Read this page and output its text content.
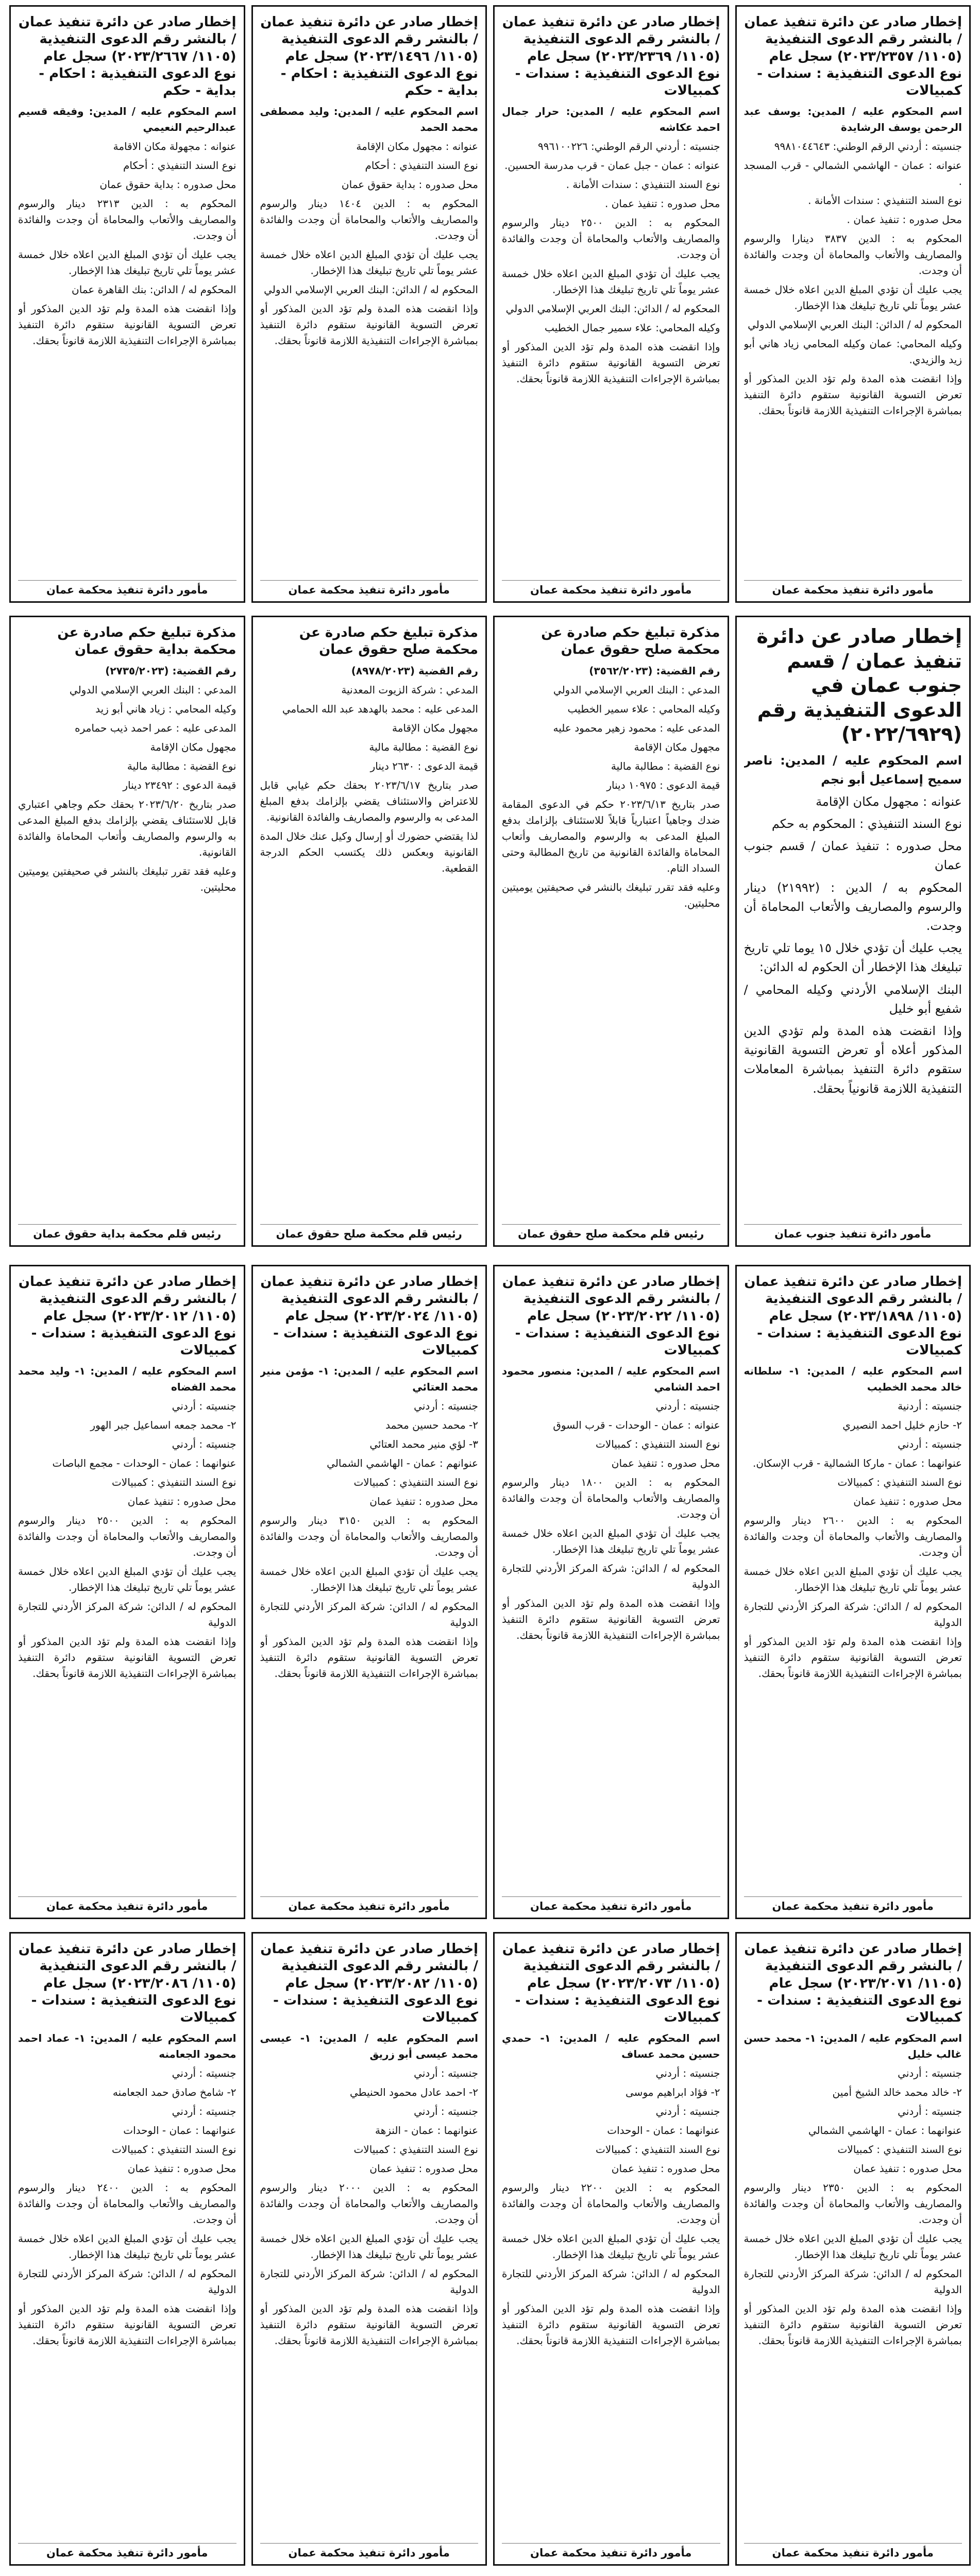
إخطار صادر عن دائرة تنفيذ عمان / بالنشر رقم الدعوى التنفيذية (١١٠٥/ ٢٠٢٣/٢٣٥٧) سجل عام نوع الدعوى التنفيذية : سندات - كمبيالات

اسم المحكوم عليه / المدين: يوسف عبد الرحمن يوسف الرشايدة

جنسيته : أردني الرقم الوطني: ٩٩٨١٠٤٤٦٤٣

عنوانه : عمان - الهاشمي الشمالي - قرب المسجد .

نوع السند التنفيذي : سندات الأمانة .

محل صدوره : تنفيذ عمان .

المحكوم به : الدين ٣٨٣٧ دينارا والرسوم والمصاريف والأتعاب والمحاماة أن وجدت والفائدة أن وجدت.

يجب عليك أن تؤدي المبلغ الدين اعلاه خلال خمسة عشر يوماً تلي تاريخ تبليغك هذا الإخطار.

المحكوم له / الدائن: البنك العربي الإسلامي الدولي

وكيله المحامي: عمان وكيله المحامي زياد هاني أبو زيد والزيدي.

وإذا انقضت هذه المدة ولم تؤد الدين المذكور أو تعرض التسوية القانونية ستقوم دائرة التنفيذ بمباشرة الإجراءات التنفيذية اللازمة قانوناً بحقك.

مأمور دائرة تنفيذ محكمة عمان
إخطار صادر عن دائرة تنفيذ عمان / بالنشر رقم الدعوى التنفيذية (١١٠٥/ ٢٠٢٣/٢٣٦٩) سجل عام نوع الدعوى التنفيذية : سندات - كمبيالات

اسم المحكوم عليه / المدين: حرار جمال احمد عكاشه

جنسيته : أردني الرقم الوطني: ٩٩٦١٠٠٢٢٦

عنوانه : عمان - جبل عمان - قرب مدرسة الحسين.

نوع السند التنفيذي : سندات الأمانة .

محل صدوره : تنفيذ عمان .

المحكوم به : الدين ٢٥٠٠ دينار والرسوم والمصاريف والأتعاب والمحاماة أن وجدت والفائدة أن وجدت.

يجب عليك أن تؤدي المبلغ الدين اعلاه خلال خمسة عشر يوماً تلي تاريخ تبليغك هذا الإخطار.

المحكوم له / الدائن: البنك العربي الإسلامي الدولي

وكيله المحامي: علاء سمير جمال الخطيب

وإذا انقضت هذه المدة ولم تؤد الدين المذكور أو تعرض التسوية القانونية ستقوم دائرة التنفيذ بمباشرة الإجراءات التنفيذية اللازمة قانوناً بحقك.

مأمور دائرة تنفيذ محكمة عمان
إخطار صادر عن دائرة تنفيذ عمان / بالنشر رقم الدعوى التنفيذية (١١٠٥/ ٢٠٢٣/١٤٩٦) سجل عام نوع الدعوى التنفيذية : احكام - بداية - حكم

اسم المحكوم عليه / المدين: وليد مصطفى محمد الحمد

عنوانه : مجهول مكان الإقامة

نوع السند التنفيذي : أحكام

محل صدوره : بداية حقوق عمان

المحكوم به : الدين ١٤٠٤ دينار والرسوم والمصاريف والأتعاب والمحاماة أن وجدت والفائدة أن وجدت.

يجب عليك أن تؤدي المبلغ الدين اعلاه خلال خمسة عشر يوماً تلي تاريخ تبليغك هذا الإخطار.

المحكوم له / الدائن: البنك العربي الإسلامي الدولي

وإذا انقضت هذه المدة ولم تؤد الدين المذكور أو تعرض التسوية القانونية ستقوم دائرة التنفيذ بمباشرة الإجراءات التنفيذية اللازمة قانوناً بحقك.

مأمور دائرة تنفيذ محكمة عمان
إخطار صادر عن دائرة تنفيذ عمان / بالنشر رقم الدعوى التنفيذية (١١٠٥/ ٢٠٢٣/٢٦٦٧) سجل عام نوع الدعوى التنفيذية : احكام - بداية - حكم

اسم المحكوم عليه / المدين: وفيقه قسيم عبدالرحيم النعيمي

عنوانه : مجهولة مكان الاقامة

نوع السند التنفيذي : أحكام

محل صدوره : بداية حقوق عمان

المحكوم به : الدين ٢٣١٣ دينار والرسوم والمصاريف والأتعاب والمحاماة أن وجدت والفائدة أن وجدت.

يجب عليك أن تؤدي المبلغ الدين اعلاه خلال خمسة عشر يوماً تلي تاريخ تبليغك هذا الإخطار.

المحكوم له / الدائن: بنك القاهرة عمان

وإذا انقضت هذه المدة ولم تؤد الدين المذكور أو تعرض التسوية القانونية ستقوم دائرة التنفيذ بمباشرة الإجراءات التنفيذية اللازمة قانوناً بحقك.

مأمور دائرة تنفيذ محكمة عمان
إخطار صادر عن دائرة تنفيذ عمان / قسم جنوب عمان في الدعوى التنفيذية رقم (٢٠٢٢/٦٩٢٩)

اسم المحكوم عليه / المدين: ناصر سميح إسماعيل أبو نجم

عنوانه : مجهول مكان الإقامة

نوع السند التنفيذي : المحكوم به حكم

محل صدوره : تنفيذ عمان / قسم جنوب عمان

المحكوم به / الدين : (٢١٩٩٢) دينار والرسوم والمصاريف والأتعاب المحاماة أن وجدت.

يجب عليك أن تؤدي خلال ١٥ يوما تلي تاريخ تبليغك هذا الإخطار أن الحكوم له الدائن:

البنك الإسلامي الأردني وكيله المحامي / شفيع أبو خليل

وإذا انقضت هذه المدة ولم تؤدي الدين المذكور أعلاه أو تعرض التسوية القانونية ستقوم دائرة التنفيذ بمباشرة المعاملات التنفيذية اللازمة قانونياً بحقك.

مأمور دائرة تنفيذ جنوب عمان
مذكرة تبليغ حكم صادرة عن محكمة صلح حقوق عمان

رقم القضية: (٣٥٦٢/٢٠٢٣)

المدعي : البنك العربي الإسلامي الدولي

وكيله المحامي : علاء سمير الخطيب

المدعى عليه : محمود زهير محمود عليه

مجهول مكان الإقامة

نوع القضية : مطالبة مالية

قيمة الدعوى : ١٠٩٧٥ دينار

صدر بتاريخ ٢٠٢٣/٦/١٣ حكم في الدعوى المقامة ضدك وجاهياً اعتبارياً قابلاً للاستئناف بإلزامك بدفع المبلغ المدعى به والرسوم والمصاريف وأتعاب المحاماة والفائدة القانونية من تاريخ المطالبة وحتى السداد التام.

وعليه فقد تقرر تبليغك بالنشر في صحيفتين يوميتين محليتين.

رئيس قلم محكمة صلح حقوق عمان
مذكرة تبليغ حكم صادرة عن محكمة صلح حقوق عمان

رقم القضية (٨٩٧٨/٢٠٢٣)

المدعي : شركة الزيوت المعدنية

المدعى عليه : محمد بالهدهد عبد الله الحمامي

مجهول مكان الإقامة

نوع القضية : مطالبة مالية

قيمة الدعوى : ٢٦٣٠ دينار

صدر بتاريخ ٢٠٢٣/٦/١٧ بحقك حكم غيابي قابل للاعتراض والاستئناف يقضي بإلزامك بدفع المبلغ المدعى به والرسوم والمصاريف والفائدة القانونية.

لذا يقتضي حضورك أو إرسال وكيل عنك خلال المدة القانونية وبعكس ذلك يكتسب الحكم الدرجة القطعية.

رئيس قلم محكمة صلح حقوق عمان
مذكرة تبليغ حكم صادرة عن محكمة بداية حقوق عمان

رقم القضية: (٢٧٣٥/٢٠٢٣)

المدعي : البنك العربي الإسلامي الدولي

وكيله المحامي : زياد هاني أبو زيد

المدعى عليه : عمر احمد ذيب حمامره

مجهول مكان الإقامة

نوع القضية : مطالبة مالية

قيمة الدعوى : ٢٣٤٩٢ دينار

صدر بتاريخ ٢٠٢٣/٦/٢٠ بحقك حكم وجاهي اعتباري قابل للاستئناف يقضي بإلزامك بدفع المبلغ المدعى به والرسوم والمصاريف وأتعاب المحاماة والفائدة القانونية.

وعليه فقد تقرر تبليغك بالنشر في صحيفتين يوميتين محليتين.

رئيس قلم محكمة بداية حقوق عمان
إخطار صادر عن دائرة تنفيذ عمان / بالنشر رقم الدعوى التنفيذية (١١٠٥/ ٢٠٢٣/١٨٩٨) سجل عام نوع الدعوى التنفيذية : سندات - كمبيالات

اسم المحكوم عليه / المدين: ١- سلطانه خالد محمد الخطيب

جنسيته : أردنية

٢- حازم خليل احمد النصيري

جنسيته : أردني

عنوانهما : عمان - ماركا الشمالية - قرب الإسكان.

نوع السند التنفيذي : كمبيالات

محل صدوره : تنفيذ عمان

المحكوم به : الدين ٢٦٠٠ دينار والرسوم والمصاريف والأتعاب والمحاماة أن وجدت والفائدة أن وجدت.

يجب عليك أن تؤدي المبلغ الدين اعلاه خلال خمسة عشر يوماً تلي تاريخ تبليغك هذا الإخطار.

المحكوم له / الدائن: شركة المركز الأردني للتجارة الدولية

وإذا انقضت هذه المدة ولم تؤد الدين المذكور أو تعرض التسوية القانونية ستقوم دائرة التنفيذ بمباشرة الإجراءات التنفيذية اللازمة قانوناً بحقك.

مأمور دائرة تنفيذ محكمة عمان
إخطار صادر عن دائرة تنفيذ عمان / بالنشر رقم الدعوى التنفيذية (١١٠٥/ ٢٠٢٣/٢٠٢٢) سجل عام نوع الدعوى التنفيذية : سندات - كمبيالات

اسم المحكوم عليه / المدين: منصور محمود احمد الشامي

جنسيته : أردني

عنوانه : عمان - الوحدات - قرب السوق

نوع السند التنفيذي : كمبيالات

محل صدوره : تنفيذ عمان

المحكوم به : الدين ١٨٠٠ دينار والرسوم والمصاريف والأتعاب والمحاماة أن وجدت والفائدة أن وجدت.

يجب عليك أن تؤدي المبلغ الدين اعلاه خلال خمسة عشر يوماً تلي تاريخ تبليغك هذا الإخطار.

المحكوم له / الدائن: شركة المركز الأردني للتجارة الدولية

وإذا انقضت هذه المدة ولم تؤد الدين المذكور أو تعرض التسوية القانونية ستقوم دائرة التنفيذ بمباشرة الإجراءات التنفيذية اللازمة قانوناً بحقك.

مأمور دائرة تنفيذ محكمة عمان
إخطار صادر عن دائرة تنفيذ عمان / بالنشر رقم الدعوى التنفيذية (١١٠٥/ ٢٠٢٣/٢٠٢٤) سجل عام نوع الدعوى التنفيذية : سندات - كمبيالات

اسم المحكوم عليه / المدين: ١- مؤمن منير محمد العتائي

جنسيته : أردني

٢- محمد حسين محمد

٣- لؤي منير محمد العتائي

عنوانهم : عمان - الهاشمي الشمالي

نوع السند التنفيذي : كمبيالات

محل صدوره : تنفيذ عمان

المحكوم به : الدين ٣١٥٠ دينار والرسوم والمصاريف والأتعاب والمحاماة أن وجدت والفائدة أن وجدت.

يجب عليك أن تؤدي المبلغ الدين اعلاه خلال خمسة عشر يوماً تلي تاريخ تبليغك هذا الإخطار.

المحكوم له / الدائن: شركة المركز الأردني للتجارة الدولية

وإذا انقضت هذه المدة ولم تؤد الدين المذكور أو تعرض التسوية القانونية ستقوم دائرة التنفيذ بمباشرة الإجراءات التنفيذية اللازمة قانوناً بحقك.

مأمور دائرة تنفيذ محكمة عمان
إخطار صادر عن دائرة تنفيذ عمان / بالنشر رقم الدعوى التنفيذية (١١٠٥/ ٢٠٢٣/٢٠١٢) سجل عام نوع الدعوى التنفيذية : سندات - كمبيالات

اسم المحكوم عليه / المدين: ١- وليد محمد محمد الفضاه

جنسيته : أردني

٢- محمد جمعه اسماعيل جبر الهور

جنسيته : أردني

عنوانهما : عمان - الوحدات - مجمع الباصات

نوع السند التنفيذي : كمبيالات

محل صدوره : تنفيذ عمان

المحكوم به : الدين ٢٥٠٠ دينار والرسوم والمصاريف والأتعاب والمحاماة أن وجدت والفائدة أن وجدت.

يجب عليك أن تؤدي المبلغ الدين اعلاه خلال خمسة عشر يوماً تلي تاريخ تبليغك هذا الإخطار.

المحكوم له / الدائن: شركة المركز الأردني للتجارة الدولية

وإذا انقضت هذه المدة ولم تؤد الدين المذكور أو تعرض التسوية القانونية ستقوم دائرة التنفيذ بمباشرة الإجراءات التنفيذية اللازمة قانوناً بحقك.

مأمور دائرة تنفيذ محكمة عمان
إخطار صادر عن دائرة تنفيذ عمان / بالنشر رقم الدعوى التنفيذية (١١٠٥/ ٢٠٢٣/٢٠٧١) سجل عام نوع الدعوى التنفيذية : سندات - كمبيالات

اسم المحكوم عليه / المدين: ١- محمد حسن غالب خليل

جنسيته : أردني

٢- خالد محمد خالد الشيخ أمين

جنسيته : أردني

عنوانهما : عمان - الهاشمي الشمالي

نوع السند التنفيذي : كمبيالات

محل صدوره : تنفيذ عمان

المحكوم به : الدين ٢٣٥٠ دينار والرسوم والمصاريف والأتعاب والمحاماة أن وجدت والفائدة أن وجدت.

يجب عليك أن تؤدي المبلغ الدين اعلاه خلال خمسة عشر يوماً تلي تاريخ تبليغك هذا الإخطار.

المحكوم له / الدائن: شركة المركز الأردني للتجارة الدولية

وإذا انقضت هذه المدة ولم تؤد الدين المذكور أو تعرض التسوية القانونية ستقوم دائرة التنفيذ بمباشرة الإجراءات التنفيذية اللازمة قانوناً بحقك.

مأمور دائرة تنفيذ محكمة عمان
إخطار صادر عن دائرة تنفيذ عمان / بالنشر رقم الدعوى التنفيذية (١١٠٥/ ٢٠٢٣/٢٠٧٣) سجل عام نوع الدعوى التنفيذية : سندات - كمبيالات

اسم المحكوم عليه / المدين: ١- حمدي حسين محمد عساف

جنسيته : أردني

٢- فؤاد ابراهيم موسى

جنسيته : أردني

عنوانهما : عمان - الوحدات

نوع السند التنفيذي : كمبيالات

محل صدوره : تنفيذ عمان

المحكوم به : الدين ٢٢٠٠ دينار والرسوم والمصاريف والأتعاب والمحاماة أن وجدت والفائدة أن وجدت.

يجب عليك أن تؤدي المبلغ الدين اعلاه خلال خمسة عشر يوماً تلي تاريخ تبليغك هذا الإخطار.

المحكوم له / الدائن: شركة المركز الأردني للتجارة الدولية

وإذا انقضت هذه المدة ولم تؤد الدين المذكور أو تعرض التسوية القانونية ستقوم دائرة التنفيذ بمباشرة الإجراءات التنفيذية اللازمة قانوناً بحقك.

مأمور دائرة تنفيذ محكمة عمان
إخطار صادر عن دائرة تنفيذ عمان / بالنشر رقم الدعوى التنفيذية (١١٠٥/ ٢٠٢٣/٢٠٨٢) سجل عام نوع الدعوى التنفيذية : سندات - كمبيالات

اسم المحكوم عليه / المدين: ١- عيسى محمد عيسى أبو زريق

جنسيته : أردني

٢- احمد عادل محمود الحنيطي

جنسيته : أردني

عنوانهما : عمان - النزهة

نوع السند التنفيذي : كمبيالات

محل صدوره : تنفيذ عمان

المحكوم به : الدين ٢٠٠٠ دينار والرسوم والمصاريف والأتعاب والمحاماة أن وجدت والفائدة أن وجدت.

يجب عليك أن تؤدي المبلغ الدين اعلاه خلال خمسة عشر يوماً تلي تاريخ تبليغك هذا الإخطار.

المحكوم له / الدائن: شركة المركز الأردني للتجارة الدولية

وإذا انقضت هذه المدة ولم تؤد الدين المذكور أو تعرض التسوية القانونية ستقوم دائرة التنفيذ بمباشرة الإجراءات التنفيذية اللازمة قانوناً بحقك.

مأمور دائرة تنفيذ محكمة عمان
إخطار صادر عن دائرة تنفيذ عمان / بالنشر رقم الدعوى التنفيذية (١١٠٥/ ٢٠٢٣/٢٠٨٦) سجل عام نوع الدعوى التنفيذية : سندات - كمبيالات

اسم المحكوم عليه / المدين: ١- عماد احمد محمود الجعامنه

جنسيته : أردني

٢- شامخ صادق حمد الجعامنه

جنسيته : أردني

عنوانهما : عمان - الوحدات

نوع السند التنفيذي : كمبيالات

محل صدوره : تنفيذ عمان

المحكوم به : الدين ٢٤٠٠ دينار والرسوم والمصاريف والأتعاب والمحاماة أن وجدت والفائدة أن وجدت.

يجب عليك أن تؤدي المبلغ الدين اعلاه خلال خمسة عشر يوماً تلي تاريخ تبليغك هذا الإخطار.

المحكوم له / الدائن: شركة المركز الأردني للتجارة الدولية

وإذا انقضت هذه المدة ولم تؤد الدين المذكور أو تعرض التسوية القانونية ستقوم دائرة التنفيذ بمباشرة الإجراءات التنفيذية اللازمة قانوناً بحقك.

مأمور دائرة تنفيذ محكمة عمان
